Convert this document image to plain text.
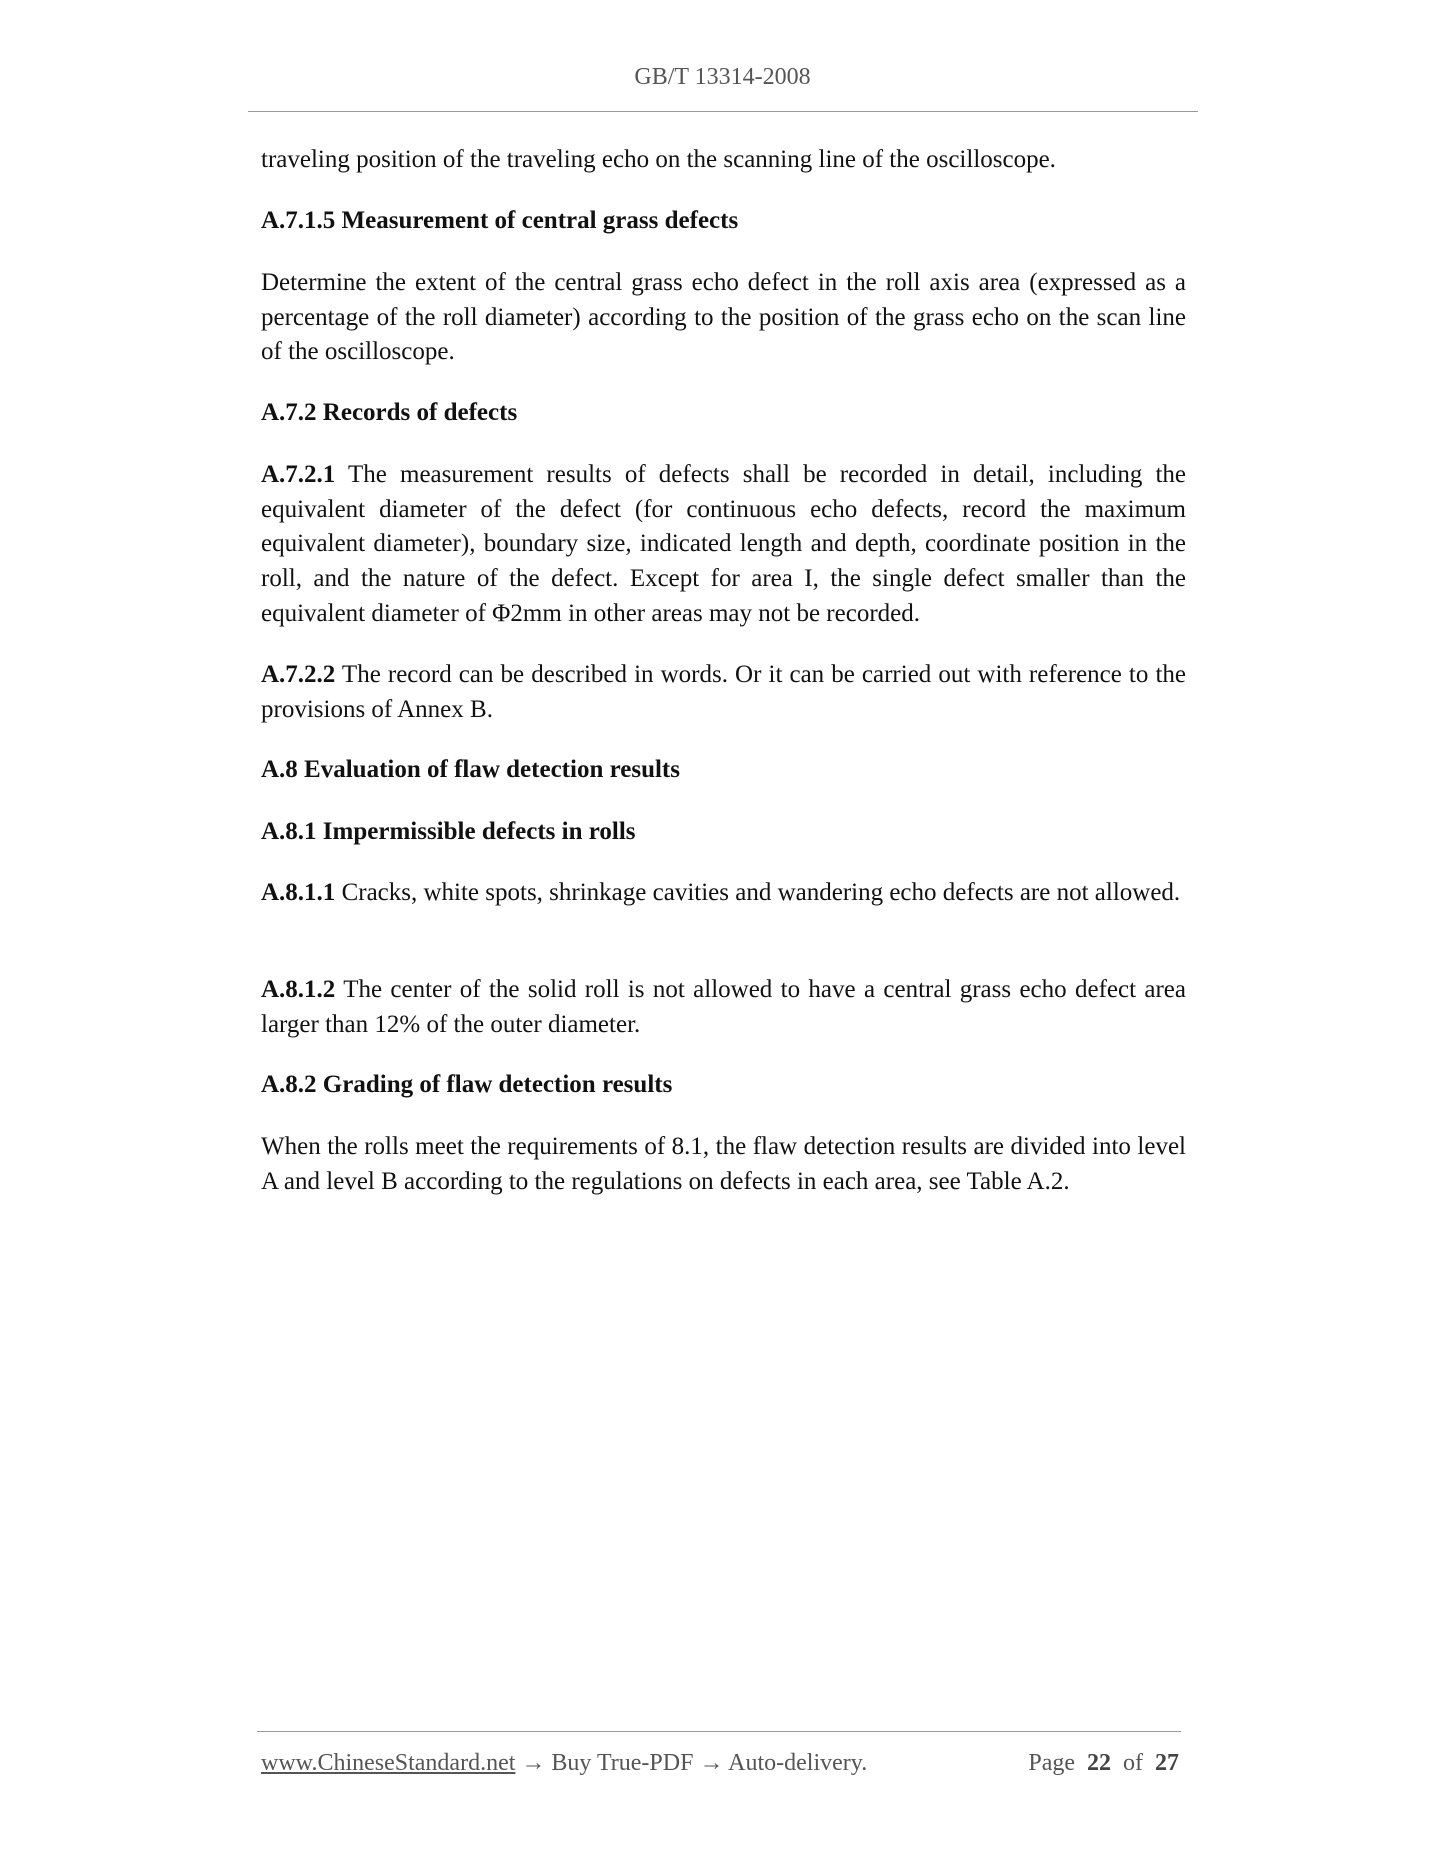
GB/T 13314-2008
traveling position of the traveling echo on the scanning line of the oscilloscope.
A.7.1.5 Measurement of central grass defects
Determine the extent of the central grass echo defect in the roll axis area (expressed as a percentage of the roll diameter) according to the position of the grass echo on the scan line of the oscilloscope.
A.7.2 Records of defects
A.7.2.1 The measurement results of defects shall be recorded in detail, including the equivalent diameter of the defect (for continuous echo defects, record the maximum equivalent diameter), boundary size, indicated length and depth, coordinate position in the roll, and the nature of the defect. Except for area I, the single defect smaller than the equivalent diameter of Φ2mm in other areas may not be recorded.
A.7.2.2 The record can be described in words. Or it can be carried out with reference to the provisions of Annex B.
A.8 Evaluation of flaw detection results
A.8.1 Impermissible defects in rolls
A.8.1.1 Cracks, white spots, shrinkage cavities and wandering echo defects are not allowed.
A.8.1.2 The center of the solid roll is not allowed to have a central grass echo defect area larger than 12% of the outer diameter.
A.8.2 Grading of flaw detection results
When the rolls meet the requirements of 8.1, the flaw detection results are divided into level A and level B according to the regulations on defects in each area, see Table A.2.
www.ChineseStandard.net → Buy True-PDF → Auto-delivery.	Page 22 of 27
